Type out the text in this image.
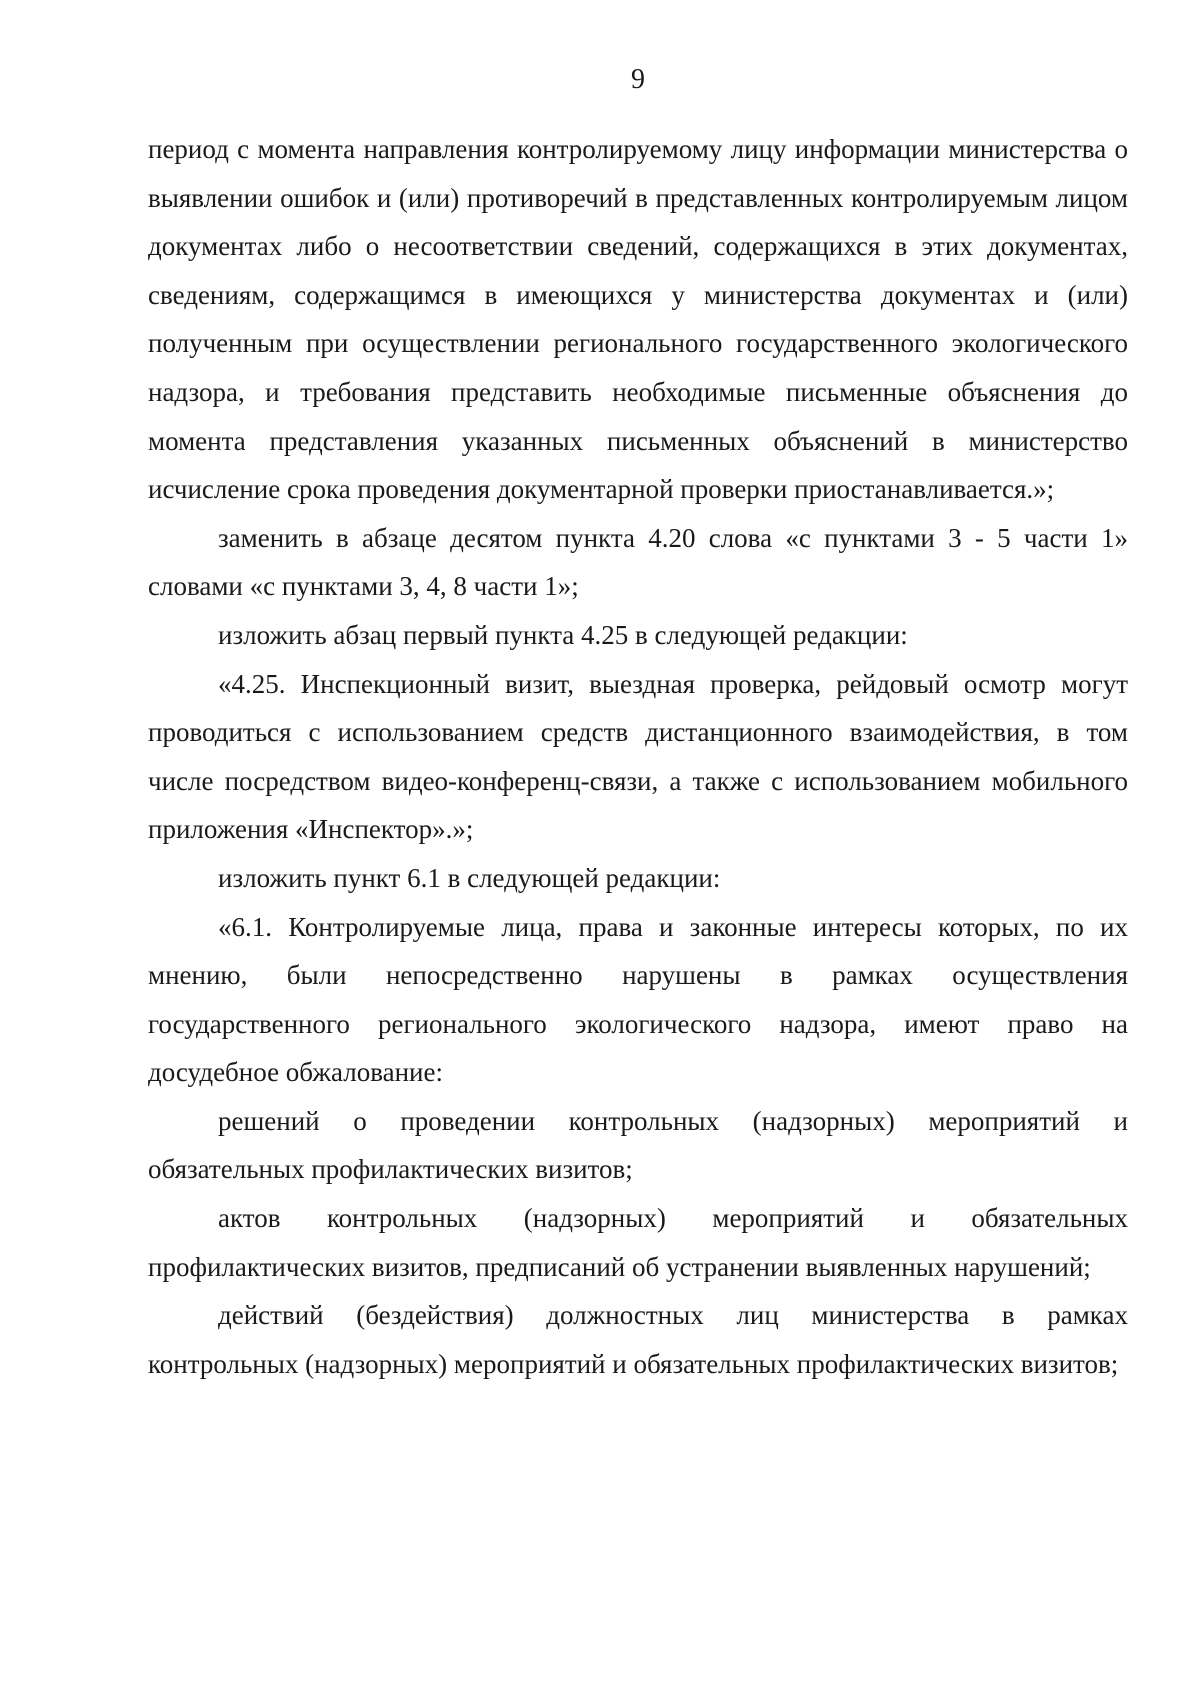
9

период с момента направления контролируемому лицу информации министерства о выявлении ошибок и (или) противоречий в представленных контролируемым лицом документах либо о несоответствии сведений, содержащихся в этих документах, сведениям, содержащимся в имеющихся у министерства документах и (или) полученным при осуществлении регионального государственного экологического надзора, и требования представить необходимые письменные объяснения до момента представления указанных письменных объяснений в министерство исчисление срока проведения документарной проверки приостанавливается.»;

заменить в абзаце десятом пункта 4.20 слова «с пунктами 3 - 5 части 1» словами «с пунктами 3, 4, 8 части 1»;

изложить абзац первый пункта 4.25 в следующей редакции:

«4.25. Инспекционный визит, выездная проверка, рейдовый осмотр могут проводиться с использованием средств дистанционного взаимодействия, в том числе посредством видео-конференц-связи, а также с использованием мобильного приложения «Инспектор».»;

изложить пункт 6.1 в следующей редакции:

«6.1. Контролируемые лица, права и законные интересы которых, по их мнению, были непосредственно нарушены в рамках осуществления государственного регионального экологического надзора, имеют право на досудебное обжалование:

решений о проведении контрольных (надзорных) мероприятий и обязательных профилактических визитов;

актов контрольных (надзорных) мероприятий и обязательных профилактических визитов, предписаний об устранении выявленных нарушений;

действий (бездействия) должностных лиц министерства в рамках контрольных (надзорных) мероприятий и обязательных профилактических визитов;
